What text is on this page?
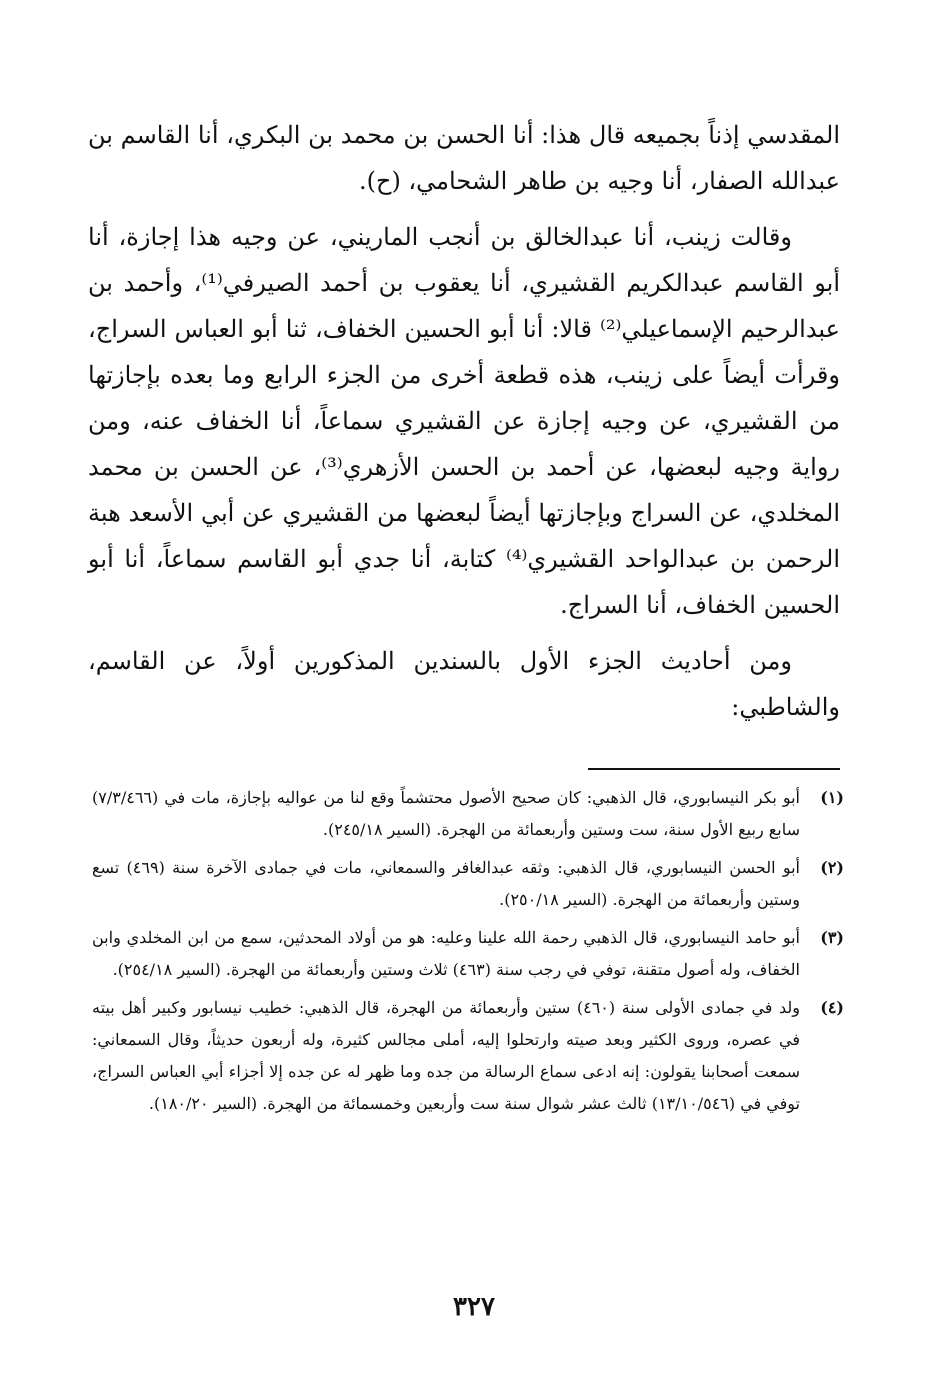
المقدسي إذناً بجميعه قال هذا: أنا الحسن بن محمد بن البكري، أنا القاسم بن عبدالله الصفار، أنا وجيه بن طاهر الشحامي، (ح).

وقالت زينب، أنا عبدالخالق بن أنجب الماريني، عن وجيه هذا إجازة، أنا أبو القاسم عبدالكريم القشيري، أنا يعقوب بن أحمد الصيرفي⁽¹⁾، وأحمد بن عبدالرحيم الإسماعيلي⁽²⁾ قالا: أنا أبو الحسين الخفاف، ثنا أبو العباس السراج، وقرأت أيضاً على زينب، هذه قطعة أخرى من الجزء الرابع وما بعده بإجازتها من القشيري، عن وجيه إجازة عن القشيري سماعاً، أنا الخفاف عنه، ومن رواية وجيه لبعضها، عن أحمد بن الحسن الأزهري⁽³⁾، عن الحسن بن محمد المخلدي، عن السراج وبإجازتها أيضاً لبعضها من القشيري عن أبي الأسعد هبة الرحمن بن عبدالواحد القشيري⁽⁴⁾ كتابة، أنا جدي أبو القاسم سماعاً، أنا أبو الحسين الخفاف، أنا السراج.

ومن أحاديث الجزء الأول بالسندين المذكورين أولاً، عن القاسم، والشاطبي:

(١)
أبو بكر النيسابوري، قال الذهبي: كان صحيح الأصول محتشماً وقع لنا من عواليه بإجازة، مات في (٧/٣/٤٦٦) سابع ربيع الأول سنة، ست وستين وأربعمائة من الهجرة. (السير ٢٤٥/١٨).
(٢)
أبو الحسن النيسابوري، قال الذهبي: وثقه عبدالغافر والسمعاني، مات في جمادى الآخرة سنة (٤٦٩) تسع وستين وأربعمائة من الهجرة. (السير ٢٥٠/١٨).
(٣)
أبو حامد النيسابوري، قال الذهبي رحمة الله علينا وعليه: هو من أولاد المحدثين، سمع من ابن المخلدي وابن الخفاف، وله أصول متقنة، توفي في رجب سنة (٤٦٣) ثلاث وستين وأربعمائة من الهجرة. (السير ٢٥٤/١٨).
(٤)
ولد في جمادى الأولى سنة (٤٦٠) ستين وأربعمائة من الهجرة، قال الذهبي: خطيب نيسابور وكبير أهل بيته في عصره، وروى الكثير وبعد صيته وارتحلوا إليه، أملى مجالس كثيرة، وله أربعون حديثاً، وقال السمعاني: سمعت أصحابنا يقولون: إنه ادعى سماع الرسالة من جده وما ظهر له عن جده إلا أجزاء أبي العباس السراج، توفي في (١٣/١٠/٥٤٦) ثالث عشر شوال سنة ست وأربعين وخمسمائة من الهجرة. (السير ١٨٠/٢٠).
٣٢٧
